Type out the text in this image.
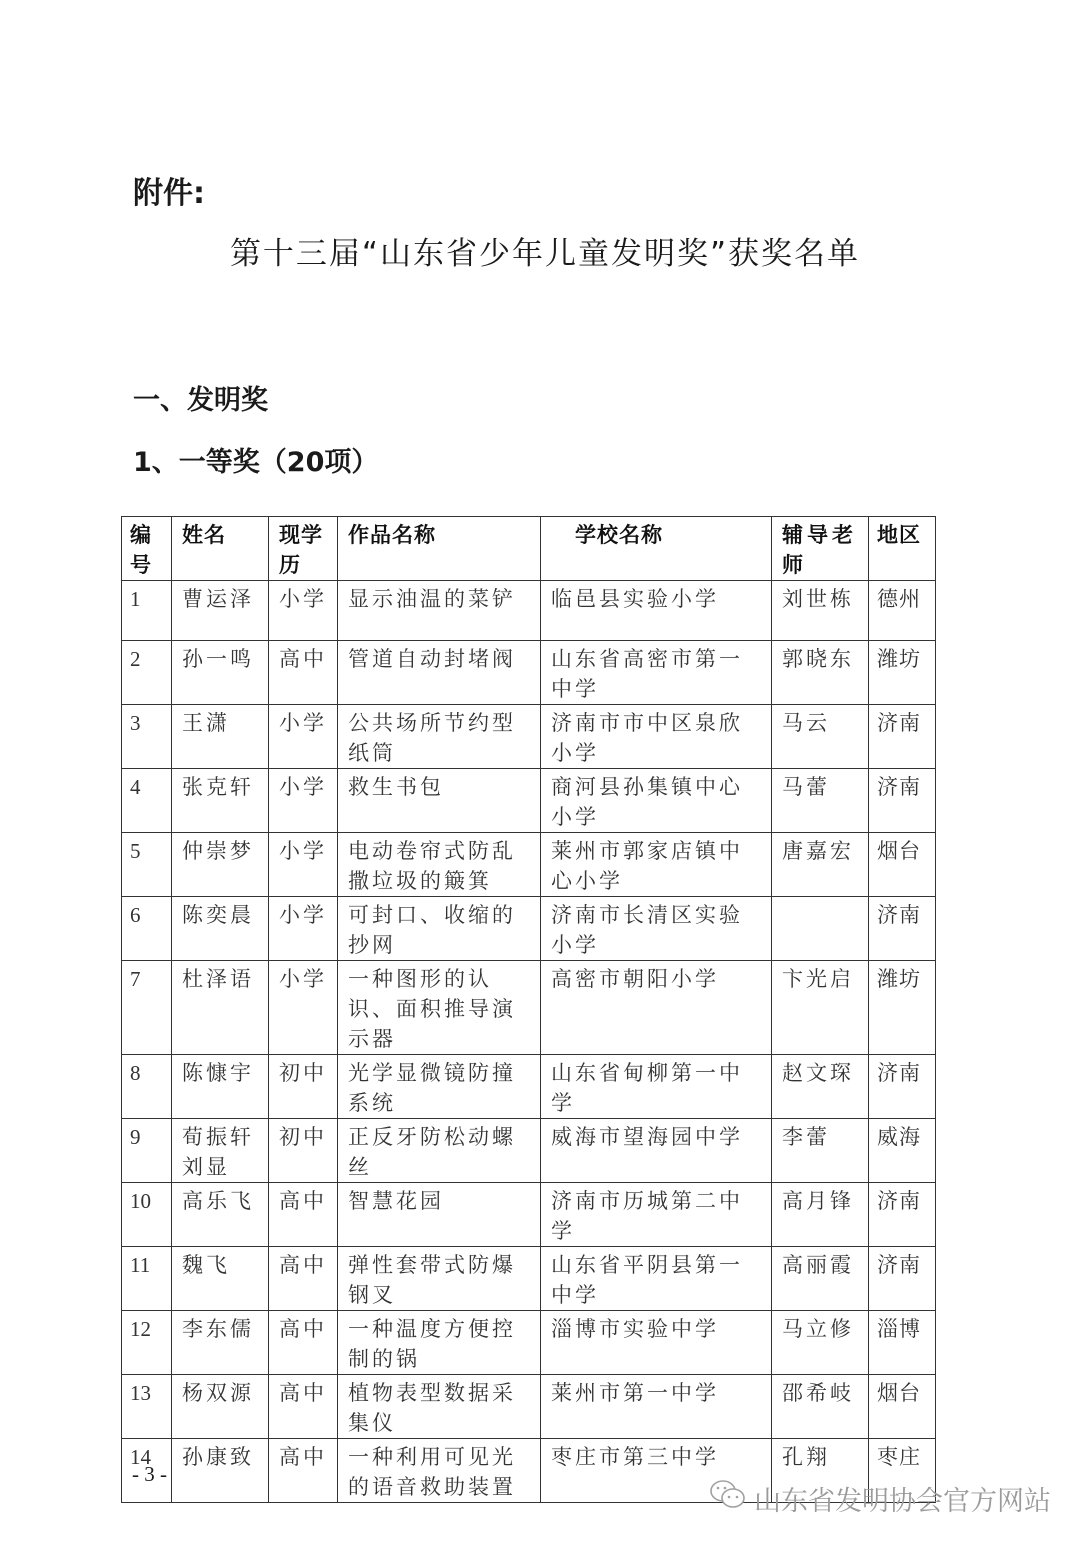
附件:
第十三届“山东省少年儿童发明奖”获奖名单
一、发明奖
1、一等奖（20项）
编号	姓名	现学历	作品名称	学校名称	辅导老师	地区
1	曹运泽	小学	显示油温的菜铲	临邑县实验小学	刘世栋	德州
2	孙一鸣	高中	管道自动封堵阀	山东省高密市第一中学	郭晓东	潍坊
3	王潇	小学	公共场所节约型纸筒	济南市市中区泉欣小学	马云	济南
4	张克轩	小学	救生书包	商河县孙集镇中心小学	马蕾	济南
5	仲崇梦	小学	电动卷帘式防乱撒垃圾的簸箕	莱州市郭家店镇中心小学	唐嘉宏	烟台
6	陈奕晨	小学	可封口、收缩的抄网	济南市长清区实验小学		济南
7	杜泽语	小学	一种图形的认识、面积推导演示器	高密市朝阳小学	卞光启	潍坊
8	陈慷宇	初中	光学显微镜防撞系统	山东省甸柳第一中学	赵文琛	济南
9	荀振轩刘显	初中	正反牙防松动螺丝	威海市望海园中学	李蕾	威海
10	高乐飞	高中	智慧花园	济南市历城第二中学	高月锋	济南
11	魏飞	高中	弹性套带式防爆钢叉	山东省平阴县第一中学	高丽霞	济南
12	李东儒	高中	一种温度方便控制的锅	淄博市实验中学	马立修	淄博
13	杨双源	高中	植物表型数据采集仪	莱州市第一中学	邵希岐	烟台
14	孙康致	高中	一种利用可见光的语音救助装置	枣庄市第三中学	孔翔	枣庄
- 3 -
山东省发明协会官方网站
